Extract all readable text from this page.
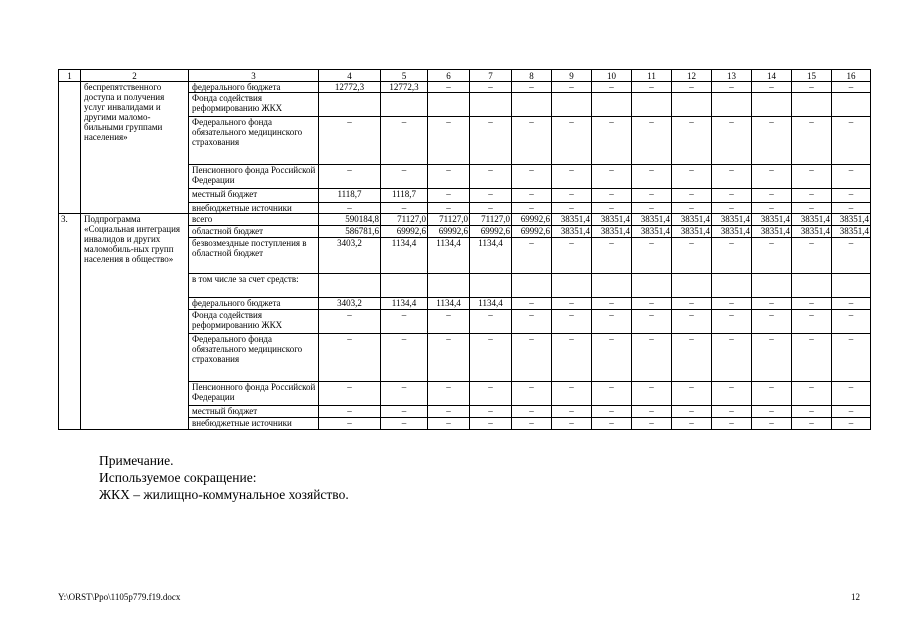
1	2	3	4	5	6	7	8	9	10	11	12	13	14	15	16
	беспрепятственного доступа и получения услуг инвалидами и другими маломо-бильными группами населения»	федерального бюджета	12772,3	12772,3	–	–	–	–	–	–	–	–	–	–	–
		Фонда содействия реформированию ЖКХ													
		Федерального фонда обязательного медицинского страхования	–	–	–	–	–	–	–	–	–	–	–	–	–
		Пенсионного фонда Российской Федерации	–	–	–	–	–	–	–	–	–	–	–	–	–
		местный бюджет	1118,7	1118,7	–	–	–	–	–	–	–	–	–	–	–
		внебюджетные источники	–	–	–	–	–	–	–	–	–	–	–	–	–
3.	Подпрограмма «Социальная интеграция инвалидов и других маломобиль-ных групп населения в общество»	всего	590184,8	71127,0	71127,0	71127,0	69992,6	38351,4	38351,4	38351,4	38351,4	38351,4	38351,4	38351,4	38351,4
		областной бюджет	586781,6	69992,6	69992,6	69992,6	69992,6	38351,4	38351,4	38351,4	38351,4	38351,4	38351,4	38351,4	38351,4
		безвозмездные поступления в областной бюджет	3403,2	1134,4	1134,4	1134,4	–	–	–	–	–	–	–	–	–
		в том числе за счет средств:													
		федерального бюджета	3403,2	1134,4	1134,4	1134,4	–	–	–	–	–	–	–	–	–
		Фонда содействия реформированию ЖКХ	–	–	–	–	–	–	–	–	–	–	–	–	–
		Федерального фонда обязательного медицинского страхования	–	–	–	–	–	–	–	–	–	–	–	–	–
		Пенсионного фонда Российской Федерации	–	–	–	–	–	–	–	–	–	–	–	–	–
		местный бюджет	–	–	–	–	–	–	–	–	–	–	–	–	–
		внебюджетные источники	–	–	–	–	–	–	–	–	–	–	–	–	–
Примечание.
Используемое сокращение:
ЖКХ – жилищно-коммунальное хозяйство.
Y:\ORST\Ppo\1105p779.f19.docx	12
